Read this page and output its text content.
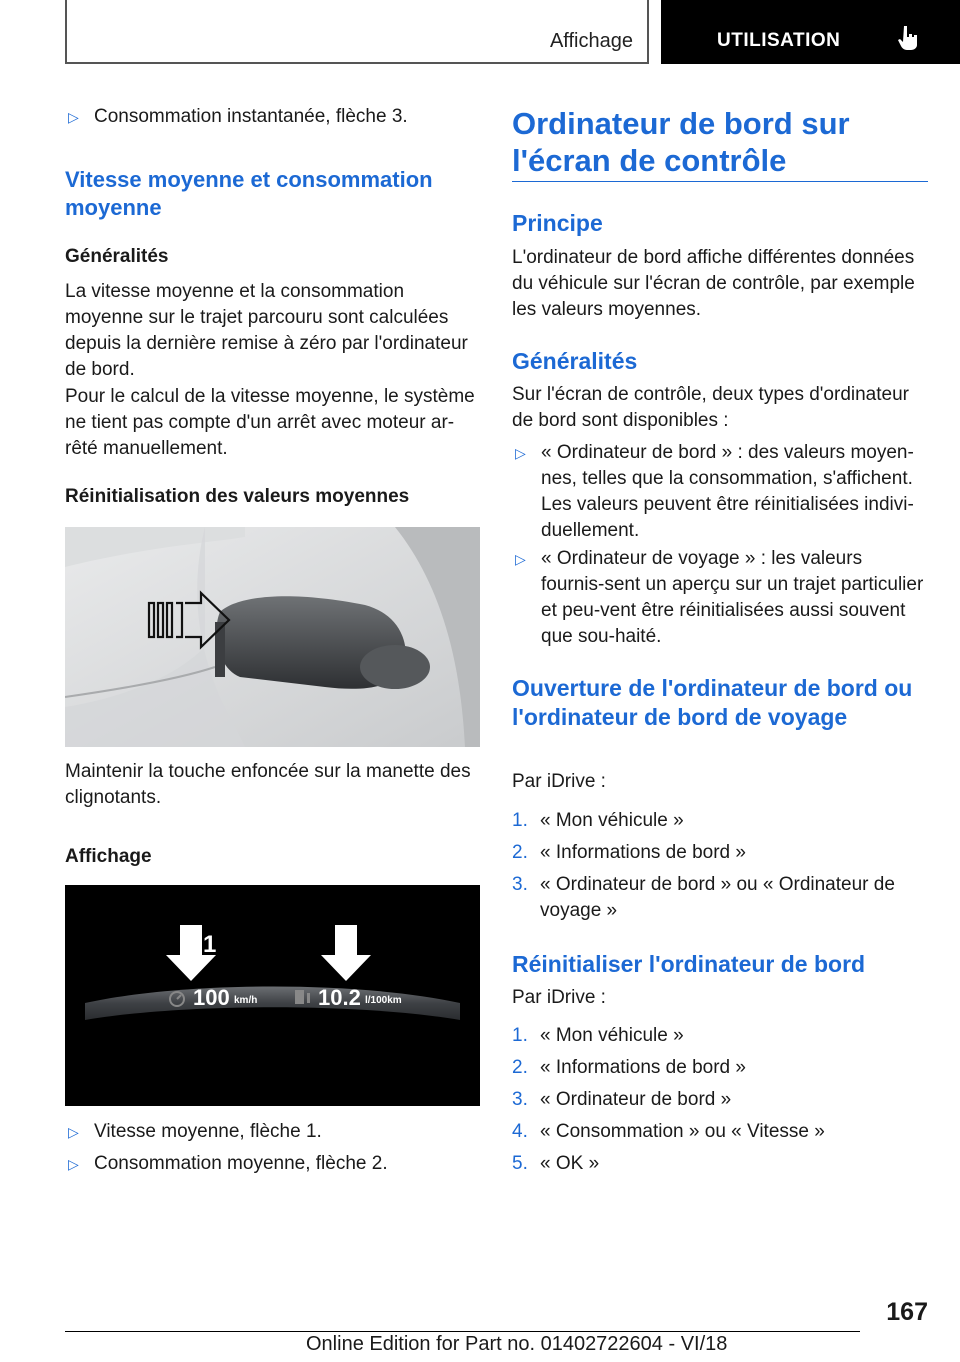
Affichage	UTILISATION
▷ Consommation instantanée, flèche 3.
Vitesse moyenne et consommation moyenne
Généralités
La vitesse moyenne et la consommation moyenne sur le trajet parcouru sont calculées depuis la dernière remise à zéro par l'ordinateur de bord.
Pour le calcul de la vitesse moyenne, le système ne tient pas compte d'un arrêt avec moteur ar‐rêté manuellement.
Réinitialisation des valeurs moyennes
Maintenir la touche enfoncée sur la manette des clignotants.
Affichage
1	2
100 km/h	10.2 l/100km
▷ Vitesse moyenne, flèche 1.
▷ Consommation moyenne, flèche 2.
Ordinateur de bord sur l'écran de contrôle
Principe
L'ordinateur de bord affiche différentes données du véhicule sur l'écran de contrôle, par exemple les valeurs moyennes.
Généralités
Sur l'écran de contrôle, deux types d'ordinateur de bord sont disponibles :
▷ « Ordinateur de bord » : des valeurs moyen‐nes, telles que la consommation, s'affichent. Les valeurs peuvent être réinitialisées indivi‐duellement.
▷ « Ordinateur de voyage » : les valeurs fournis‐sent un aperçu sur un trajet particulier et peu‐vent être réinitialisées aussi souvent que sou‐haité.
Ouverture de l'ordinateur de bord ou l'ordinateur de bord de voyage
Par iDrive :
1. « Mon véhicule »
2. « Informations de bord »
3. « Ordinateur de bord » ou « Ordinateur de voyage »
Réinitialiser l'ordinateur de bord
Par iDrive :
1. « Mon véhicule »
2. « Informations de bord »
3. « Ordinateur de bord »
4. « Consommation » ou « Vitesse »
5. « OK »
167
Online Edition for Part no. 01402722604 - VI/18
